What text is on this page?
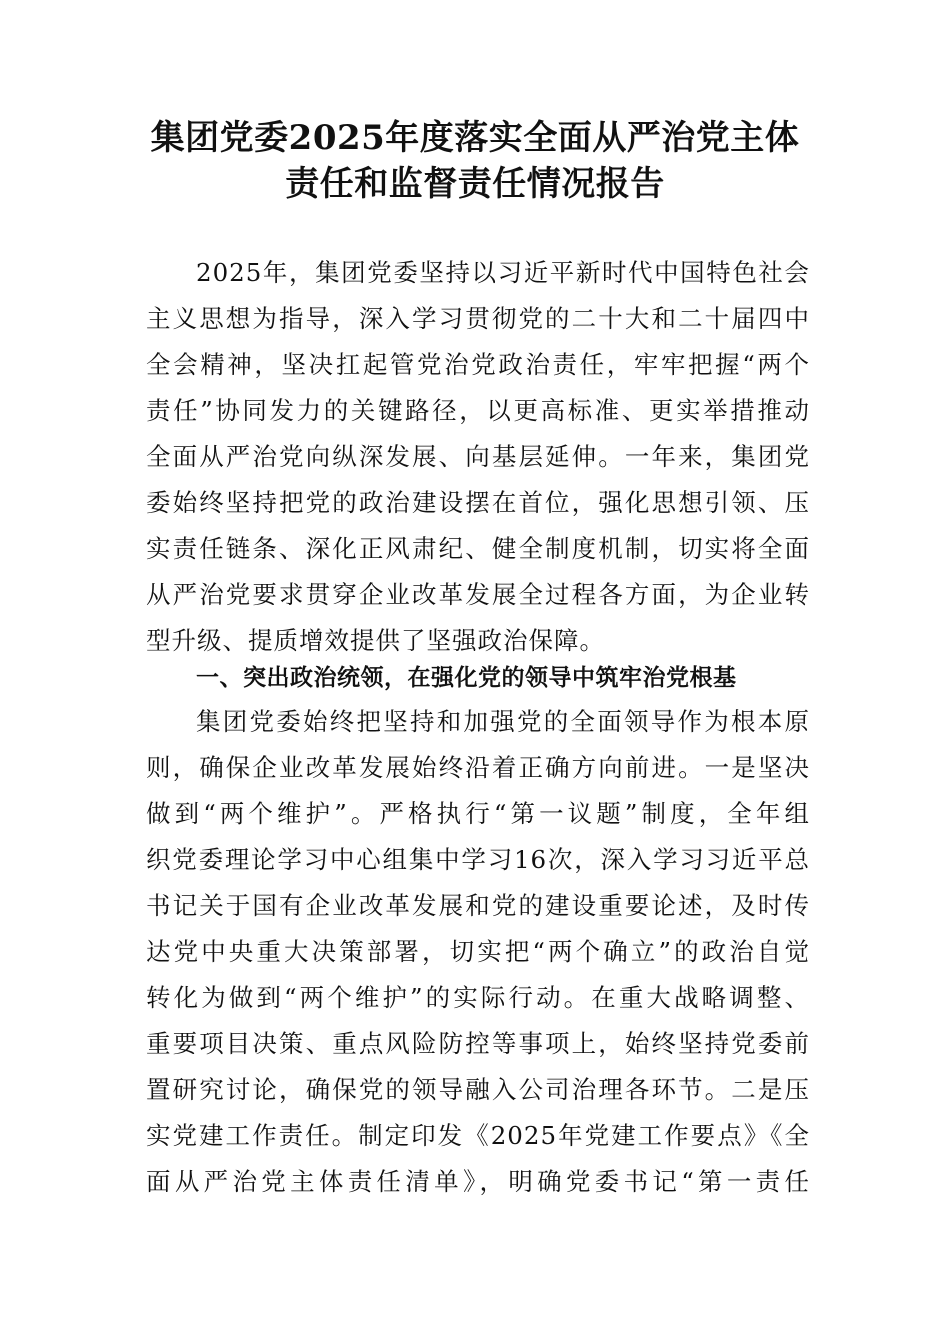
集团党委2025年度落实全面从严治党主体
责任和监督责任情况报告
2025年，集团党委坚持以习近平新时代中国特色社会
主义思想为指导，深入学习贯彻党的二十大和二十届四中
全会精神，坚决扛起管党治党政治责任，牢牢把握“两个
责任”协同发力的关键路径，以更高标准、更实举措推动
全面从严治党向纵深发展、向基层延伸。一年来，集团党
委始终坚持把党的政治建设摆在首位，强化思想引领、压
实责任链条、深化正风肃纪、健全制度机制，切实将全面
从严治党要求贯穿企业改革发展全过程各方面，为企业转
型升级、提质增效提供了坚强政治保障。
一、突出政治统领，在强化党的领导中筑牢治党根基
集团党委始终把坚持和加强党的全面领导作为根本原
则，确保企业改革发展始终沿着正确方向前进。一是坚决
做到“两个维护”。严格执行“第一议题”制度，全年组
织党委理论学习中心组集中学习16次，深入学习习近平总
书记关于国有企业改革发展和党的建设重要论述，及时传
达党中央重大决策部署，切实把“两个确立”的政治自觉
转化为做到“两个维护”的实际行动。在重大战略调整、
重要项目决策、重点风险防控等事项上，始终坚持党委前
置研究讨论，确保党的领导融入公司治理各环节。二是压
实党建工作责任。制定印发《2025年党建工作要点》《全
面从严治党主体责任清单》，明确党委书记“第一责任
